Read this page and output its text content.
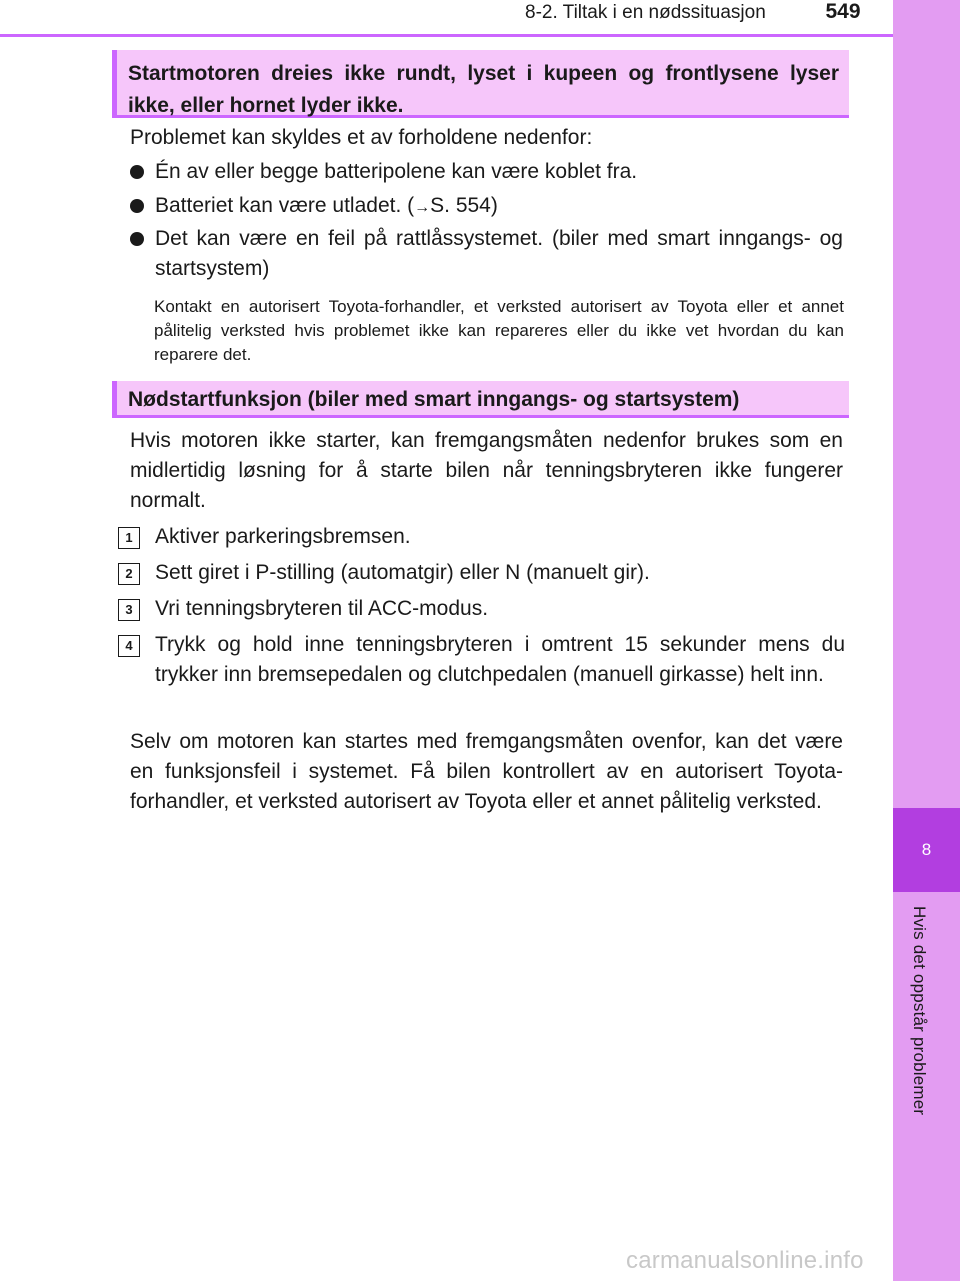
8-2. Tiltak i en nødssituasjon	549
8
Hvis det oppstår problemer
Startmotoren dreies ikke rundt, lyset i kupeen og frontlysene lyser ikke, eller hornet lyder ikke.
Problemet kan skyldes et av forholdene nedenfor:
Én av eller begge batteripolene kan være koblet fra.
Batteriet kan være utladet. (→S. 554)
Det kan være en feil på rattlåssystemet. (biler med smart inngangs- og startsystem)
Kontakt en autorisert Toyota-forhandler, et verksted autorisert av Toyota eller et annet pålitelig verksted hvis problemet ikke kan repareres eller du ikke vet hvordan du kan reparere det.
Nødstartfunksjon (biler med smart inngangs- og startsystem)
Hvis motoren ikke starter, kan fremgangsmåten nedenfor brukes som en midlertidig løsning for å starte bilen når tenningsbryteren ikke fungerer normalt.
1	Aktiver parkeringsbremsen.
2	Sett giret i P-stilling (automatgir) eller N (manuelt gir).
3	Vri tenningsbryteren til ACC-modus.
4	Trykk og hold inne tenningsbryteren i omtrent 15 sekunder mens du trykker inn bremsepedalen og clutchpedalen (manuell girkasse) helt inn.
Selv om motoren kan startes med fremgangsmåten ovenfor, kan det være en funksjonsfeil i systemet. Få bilen kontrollert av en autorisert Toyota-forhandler, et verksted autorisert av Toyota eller et annet pålitelig verksted.
carmanualsonline.info
